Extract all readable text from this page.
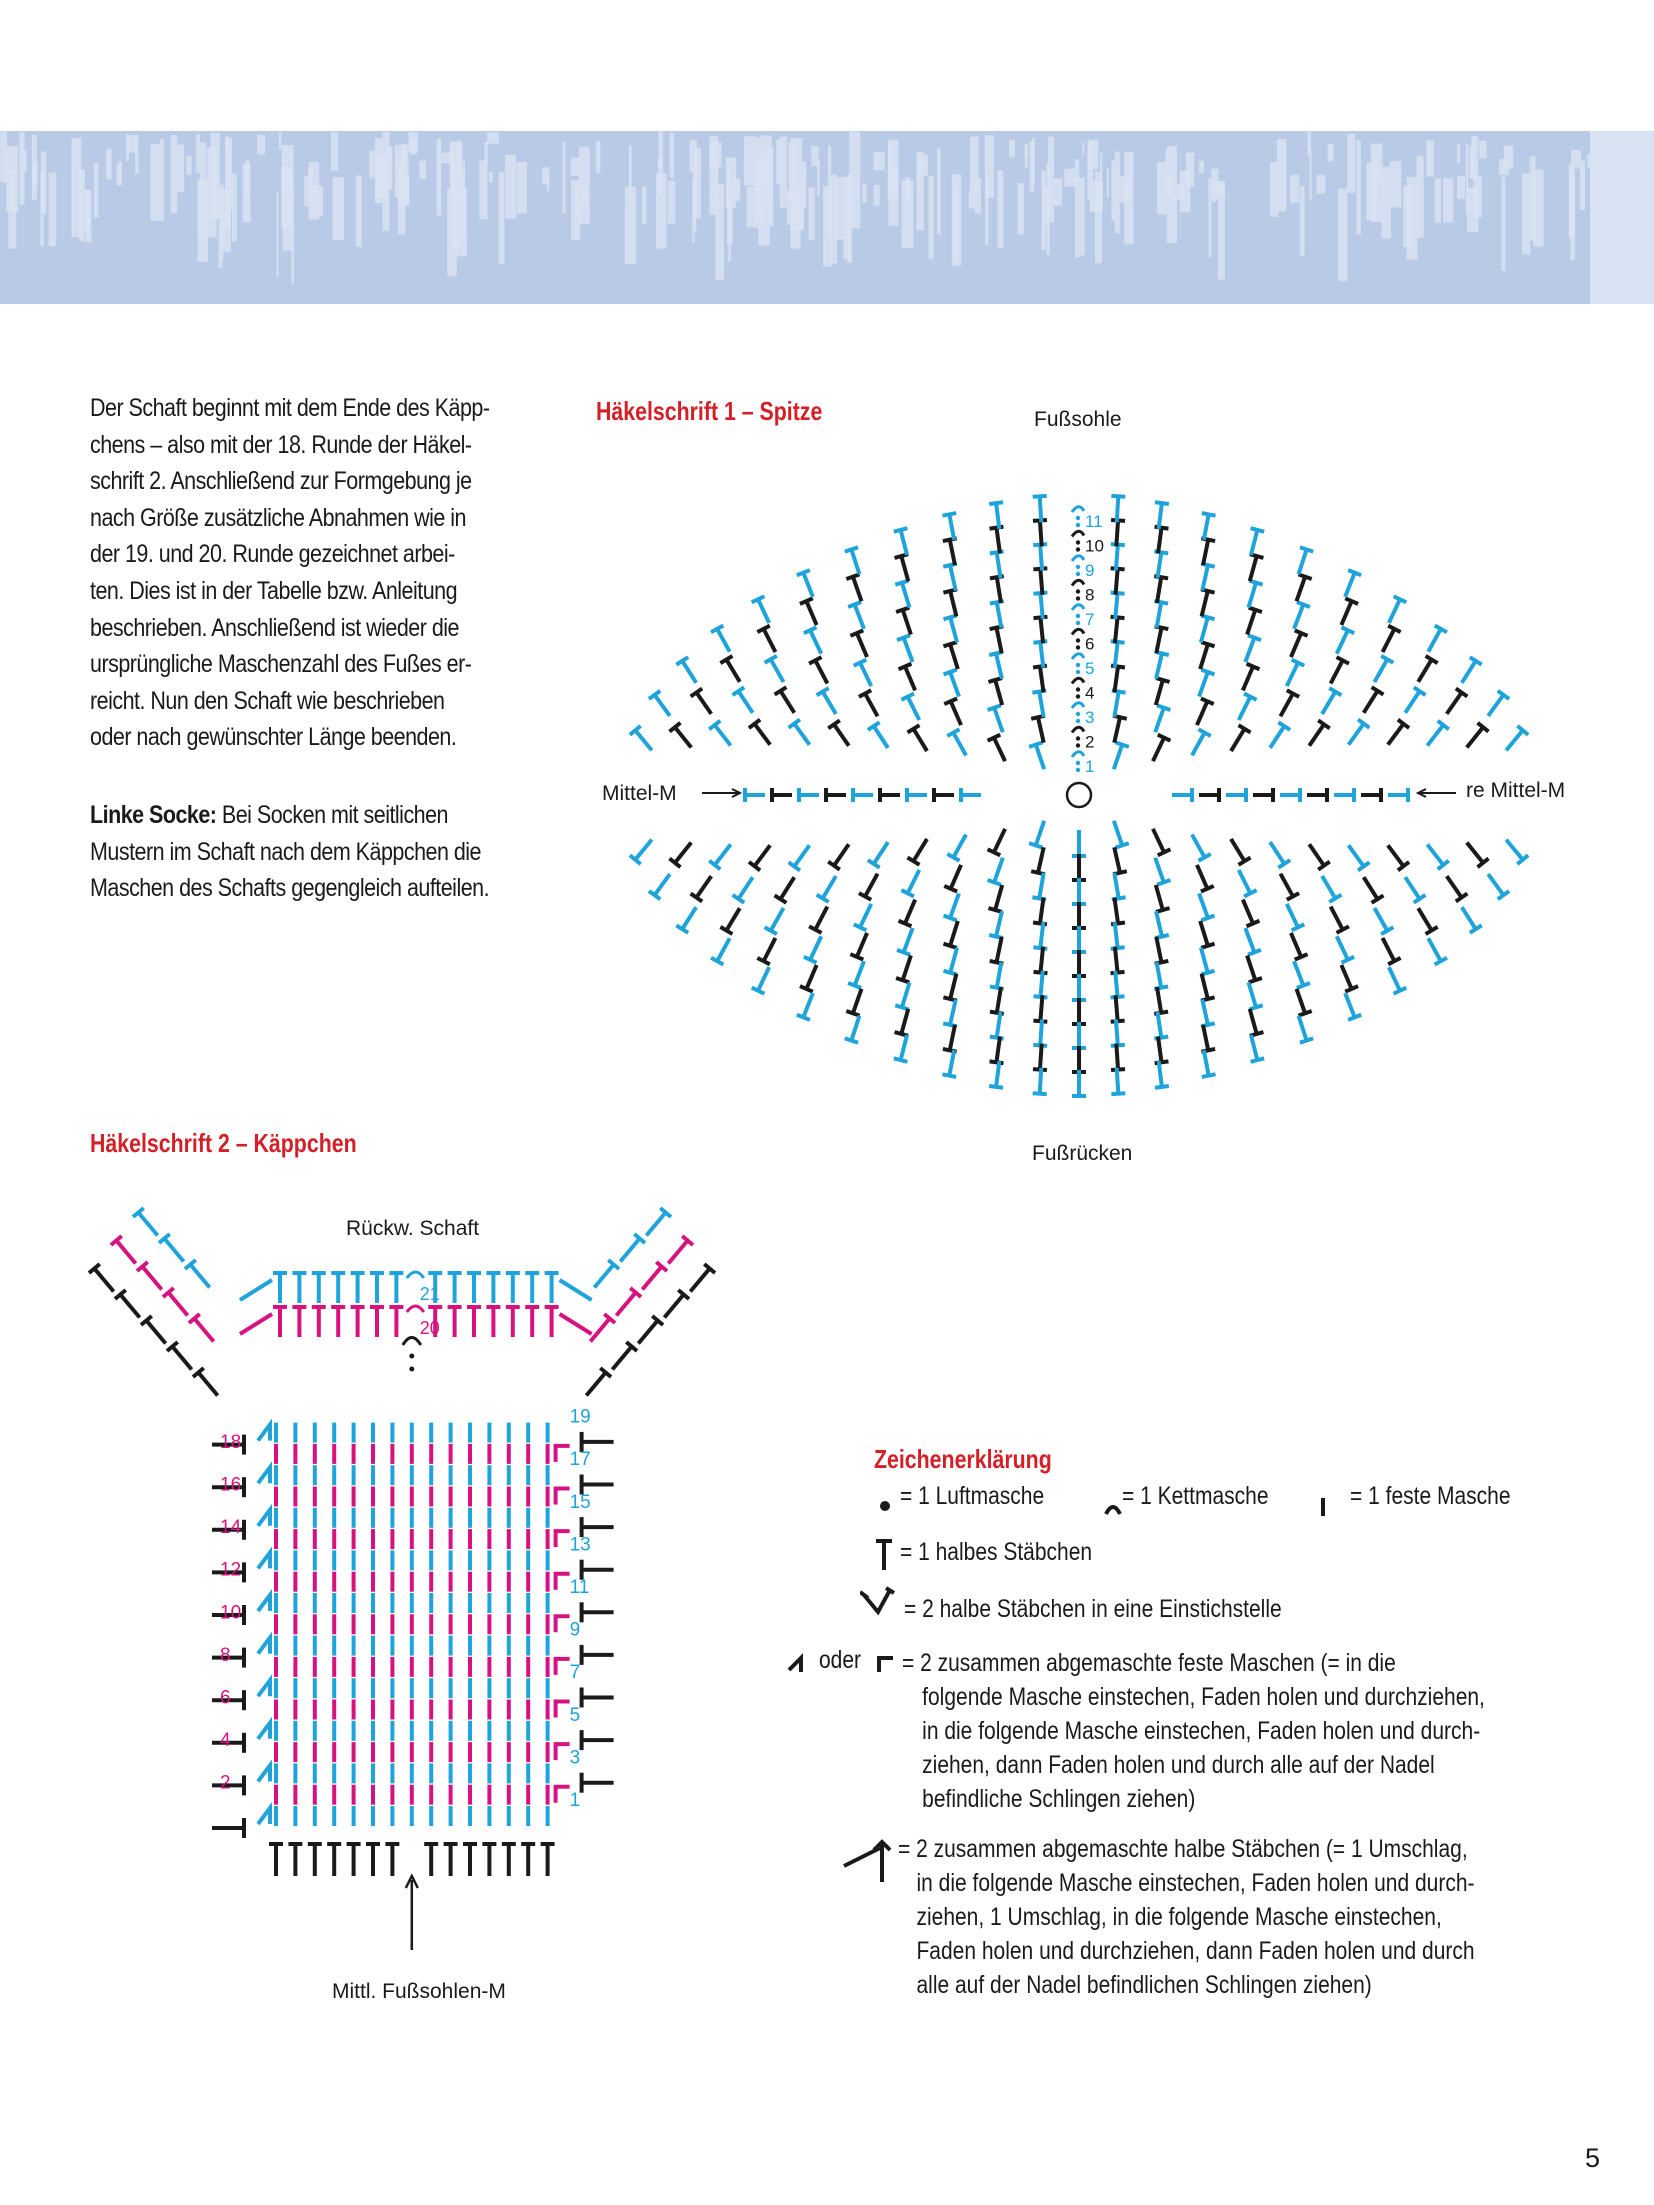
Der Schaft beginnt mit dem Ende des Käpp-

chens – also mit der 18. Runde der Häkel-

schrift 2. Anschließend zur Formgebung je

nach Größe zusätzliche Abnahmen wie in

der 19. und 20. Runde gezeichnet arbei-

ten. Dies ist in der Tabelle bzw. Anleitung

beschrieben. Anschließend ist wieder die

ursprüngliche Maschenzahl des Fußes er-

reicht. Nun den Schaft wie beschrieben

oder nach gewünschter Länge beenden.

Linke Socke: Bei Socken mit seitlichen

Mustern im Schaft nach dem Käppchen die

Maschen des Schafts gegengleich aufteilen.

Häkelschrift 1 – Spitze	Fußsohle
Mittel-M	re Mittel-M
Fußrücken
1
2
3
4
5
6
7
8
9
10
11
Häkelschrift 2 – Käppchen
Rückw. Schaft
Mittl. Fußsohlen-M
1
3
5
7
9
11
13
15
17
19
2
4
6
8
10
12
14
16
18
20
21
Zeichenerklärung
= 1 Luftmasche	= 1 Kettmasche	= 1 feste Masche
= 1 halbes Stäbchen
= 2 halbe Stäbchen in eine Einstichstelle
oder = 2 zusammen abgemaschte feste Maschen (= in die
folgende Masche einstechen, Faden holen und durchziehen,
in die folgende Masche einstechen, Faden holen und durch-
ziehen, dann Faden holen und durch alle auf der Nadel
befindliche Schlingen ziehen)
= 2 zusammen abgemaschte halbe Stäbchen (= 1 Umschlag,
in die folgende Masche einstechen, Faden holen und durch-
ziehen, 1 Umschlag, in die folgende Masche einstechen,
Faden holen und durchziehen, dann Faden holen und durch
alle auf der Nadel befindlichen Schlingen ziehen)
5
